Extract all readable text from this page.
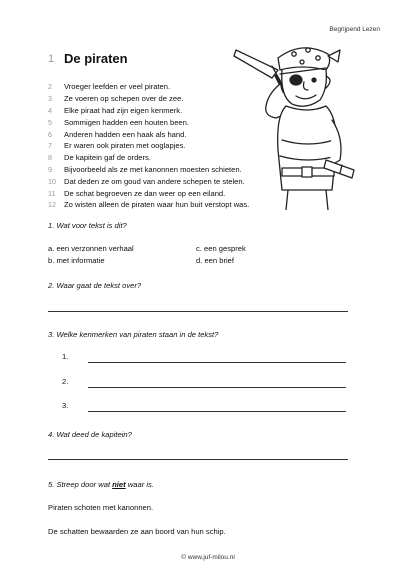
Begrijpend Lezen
1 De piraten
2	Vroeger leefden er veel piraten.
3	Ze voeren op schepen over de zee.
4	Elke piraat had zijn eigen kenmerk.
5	Sommigen hadden een houten been.
6	Anderen hadden een haak als hand.
7	Er waren ook piraten met ooglapjes.
8	De kapitein gaf de orders.
9	Bijvoorbeeld als ze met kanonnen moesten schieten.
10	Dat deden ze om goud van andere schepen te stelen.
11	De schat begroeven ze dan weer op een eiland.
12	Zo wisten alleen de piraten waar hun buit verstopt was.
1. Wat voor tekst is dit?
a. een verzonnen verhaal	c. een gesprek
b. met informatie	d. een brief
2. Waar gaat de tekst over?
3. Welke kenmerken van piraten staan in de tekst?
1.
2.
3.
4. Wat deed de kapitein?
5. Streep door wat niet waar is.
Piraten schoten met kanonnen.
De schatten bewaarden ze aan boord van hun schip.
© www.juf-milou.nl
